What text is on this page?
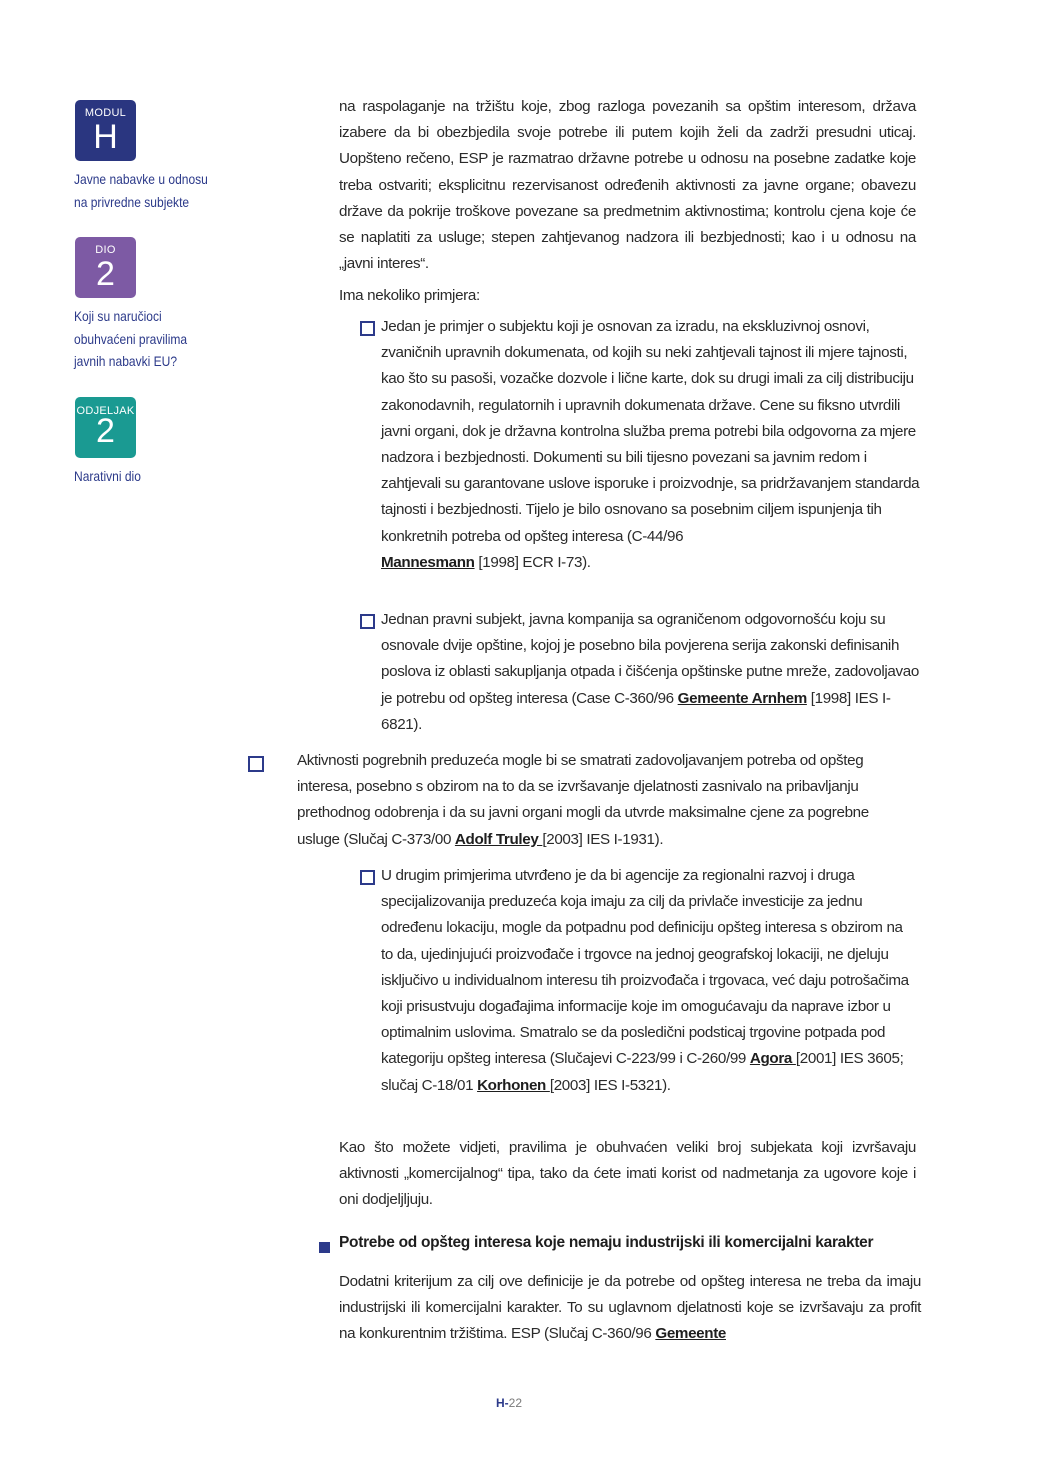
MODUL
H
Javne nabavke u odnosu na privredne subjekte
DIO
2
Koji su naručioci obuhvaćeni pravilima javnih nabavki EU?
ODJELJAK
2
Narativni dio
na raspolaganje na tržištu koje, zbog razloga povezanih sa opštim interesom, država izabere da bi obezbjedila svoje potrebe ili putem kojih želi da zadrži presudni uticaj. Uopšteno rečeno, ESP je razmatrao državne potrebe u odnosu na posebne zadatke koje treba ostvariti; eksplicitnu rezervisanost određenih aktivnosti za javne organe; obavezu države da pokrije troškove povezane sa predmetnim aktivnostima; kontrolu cjena koje će se naplatiti za usluge; stepen zahtjevanog nadzora ili bezbjednosti; kao i u odnosu na „javni interes“.
Ima nekoliko primjera:
Jedan je primjer o subjektu koji je osnovan za izradu, na ekskluzivnoj osnovi, zvaničnih upravnih dokumenata, od kojih su neki zahtjevali tajnost ili mjere tajnosti, kao što su pasoši, vozačke dozvole i lične karte, dok su drugi imali za cilj distribuciju zakonodavnih, regulatornih i upravnih dokumenata države. Cene su fiksno utvrdili javni organi, dok je državna kontrolna služba prema potrebi bila odgovorna za mjere nadzora i bezbjednosti. Dokumenti su bili tijesno povezani sa javnim redom i zahtjevali su garantovane uslove isporuke i proizvodnje, sa pridržavanjem standarda tajnosti i bezbjednosti. Tijelo je bilo osnovano sa posebnim ciljem ispunjenja tih konkretnih potreba od opšteg interesa (C-44/96
Mannesmann [1998] ECR I-73).
Jednan pravni subjekt, javna kompanija sa ograničenom odgovornošću koju su osnovale dvije opštine, kojoj je posebno bila povjerena serija zakonski definisanih poslova iz oblasti sakupljanja otpada i čišćenja opštinske putne mreže, zadovoljavao je potrebu od opšteg interesa (Case C-360/96 Gemeente Arnhem [1998] IES I-6821).
Aktivnosti pogrebnih preduzeća mogle bi se smatrati zadovoljavanjem potreba od opšteg interesa, posebno s obzirom na to da se izvršavanje djelatnosti zasnivalo na pribavljanju prethodnog odobrenja i da su javni organi mogli da utvrde maksimalne cjene za pogrebne usluge (Slučaj C-373/00 Adolf Truley [2003] IES I-1931).
U drugim primjerima utvrđeno je da bi agencije za regionalni razvoj i druga specijalizovanija preduzeća koja imaju za cilj da privlače investicije za jednu određenu lokaciju, mogle da potpadnu pod definiciju opšteg interesa s obzirom na to da, ujedinjujući proizvođače i trgovce na jednoj geografskoj lokaciji, ne djeluju isključivo u individualnom interesu tih proizvođača i trgovaca, već daju potrošačima koji prisustvuju događajima informacije koje im omogućavaju da naprave izbor u optimalnim uslovima. Smatralo se da posledični podsticaj trgovine potpada pod kategoriju opšteg interesa (Slučajevi C-223/99 i C-260/99 Agora [2001] IES 3605; slučaj C-18/01 Korhonen [2003] IES I-5321).
Kao što možete vidjeti, pravilima je obuhvaćen veliki broj subjekata koji izvršavaju aktivnosti „komercijalnog“ tipa, tako da ćete imati korist od nadmetanja za ugovore koje i oni dodjeljljuju.
Potrebe od opšteg interesa koje nemaju industrijski ili komercijalni karakter
Dodatni kriterijum za cilj ove definicije je da potrebe od opšteg interesa ne treba da imaju industrijski ili komercijalni karakter. To su uglavnom djelatnosti koje se izvršavaju za profit na konkurentnim tržištima. ESP (Slučaj C-360/96 Gemeente
H-22
